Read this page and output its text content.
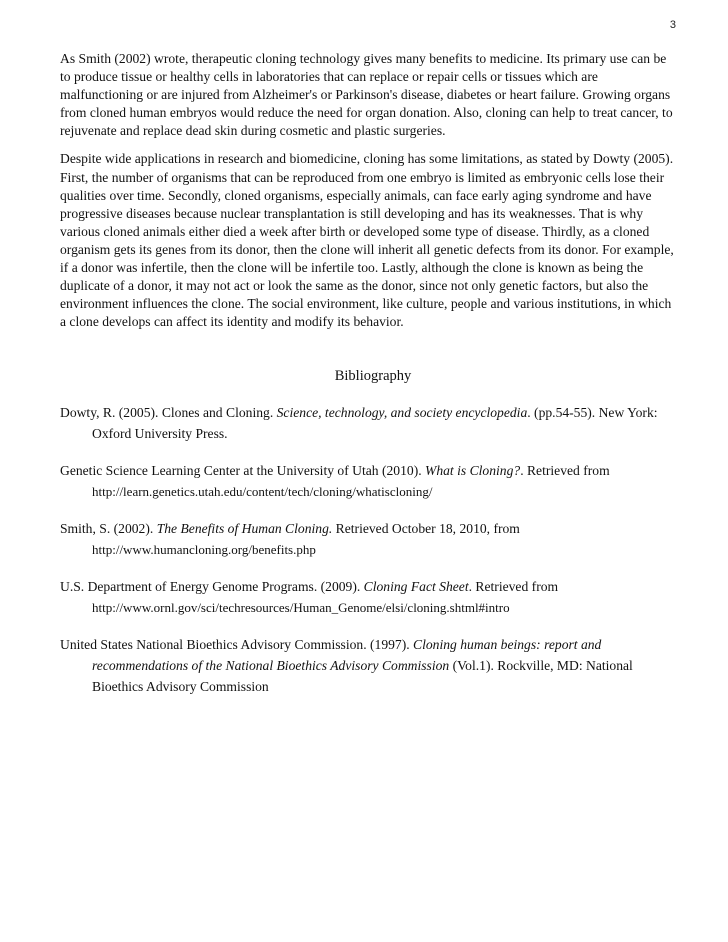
3

As Smith (2002) wrote, therapeutic cloning technology gives many benefits to medicine. Its primary use can be to produce tissue or healthy cells in laboratories that can replace or repair cells or tissues which are malfunctioning or are injured from Alzheimer's or Parkinson's disease, diabetes or heart failure. Growing organs from cloned human embryos would reduce the need for organ donation. Also, cloning can help to treat cancer, to rejuvenate and replace dead skin during cosmetic and plastic surgeries.

Despite wide applications in research and biomedicine, cloning has some limitations, as stated by Dowty (2005). First, the number of organisms that can be reproduced from one embryo is limited as embryonic cells lose their qualities over time. Secondly, cloned organisms, especially animals, can face early aging syndrome and have progressive diseases because nuclear transplantation is still developing and has its weaknesses. That is why various cloned animals either died a week after birth or developed some type of disease. Thirdly, as a cloned organism gets its genes from its donor, then the clone will inherit all genetic defects from its donor. For example, if a donor was infertile, then the clone will be infertile too. Lastly, although the clone is known as being the duplicate of a donor, it may not act or look the same as the donor, since not only genetic factors, but also the environment influences the clone. The social environment, like culture, people and various institutions, in which a clone develops can affect its identity and modify its behavior.

Bibliography
Dowty, R. (2005). Clones and Cloning. Science, technology, and society encyclopedia. (pp.54-55). New York: Oxford University Press.
Genetic Science Learning Center at the University of Utah (2010). What is Cloning?. Retrieved from
http://learn.genetics.utah.edu/content/tech/cloning/whatiscloning/
Smith, S. (2002). The Benefits of Human Cloning. Retrieved October 18, 2010, from
http://www.humancloning.org/benefits.php
U.S. Department of Energy Genome Programs. (2009). Cloning Fact Sheet. Retrieved from
http://www.ornl.gov/sci/techresources/Human_Genome/elsi/cloning.shtml#intro
United States National Bioethics Advisory Commission. (1997). Cloning human beings: report and recommendations of the National Bioethics Advisory Commission (Vol.1). Rockville, MD: National Bioethics Advisory Commission
